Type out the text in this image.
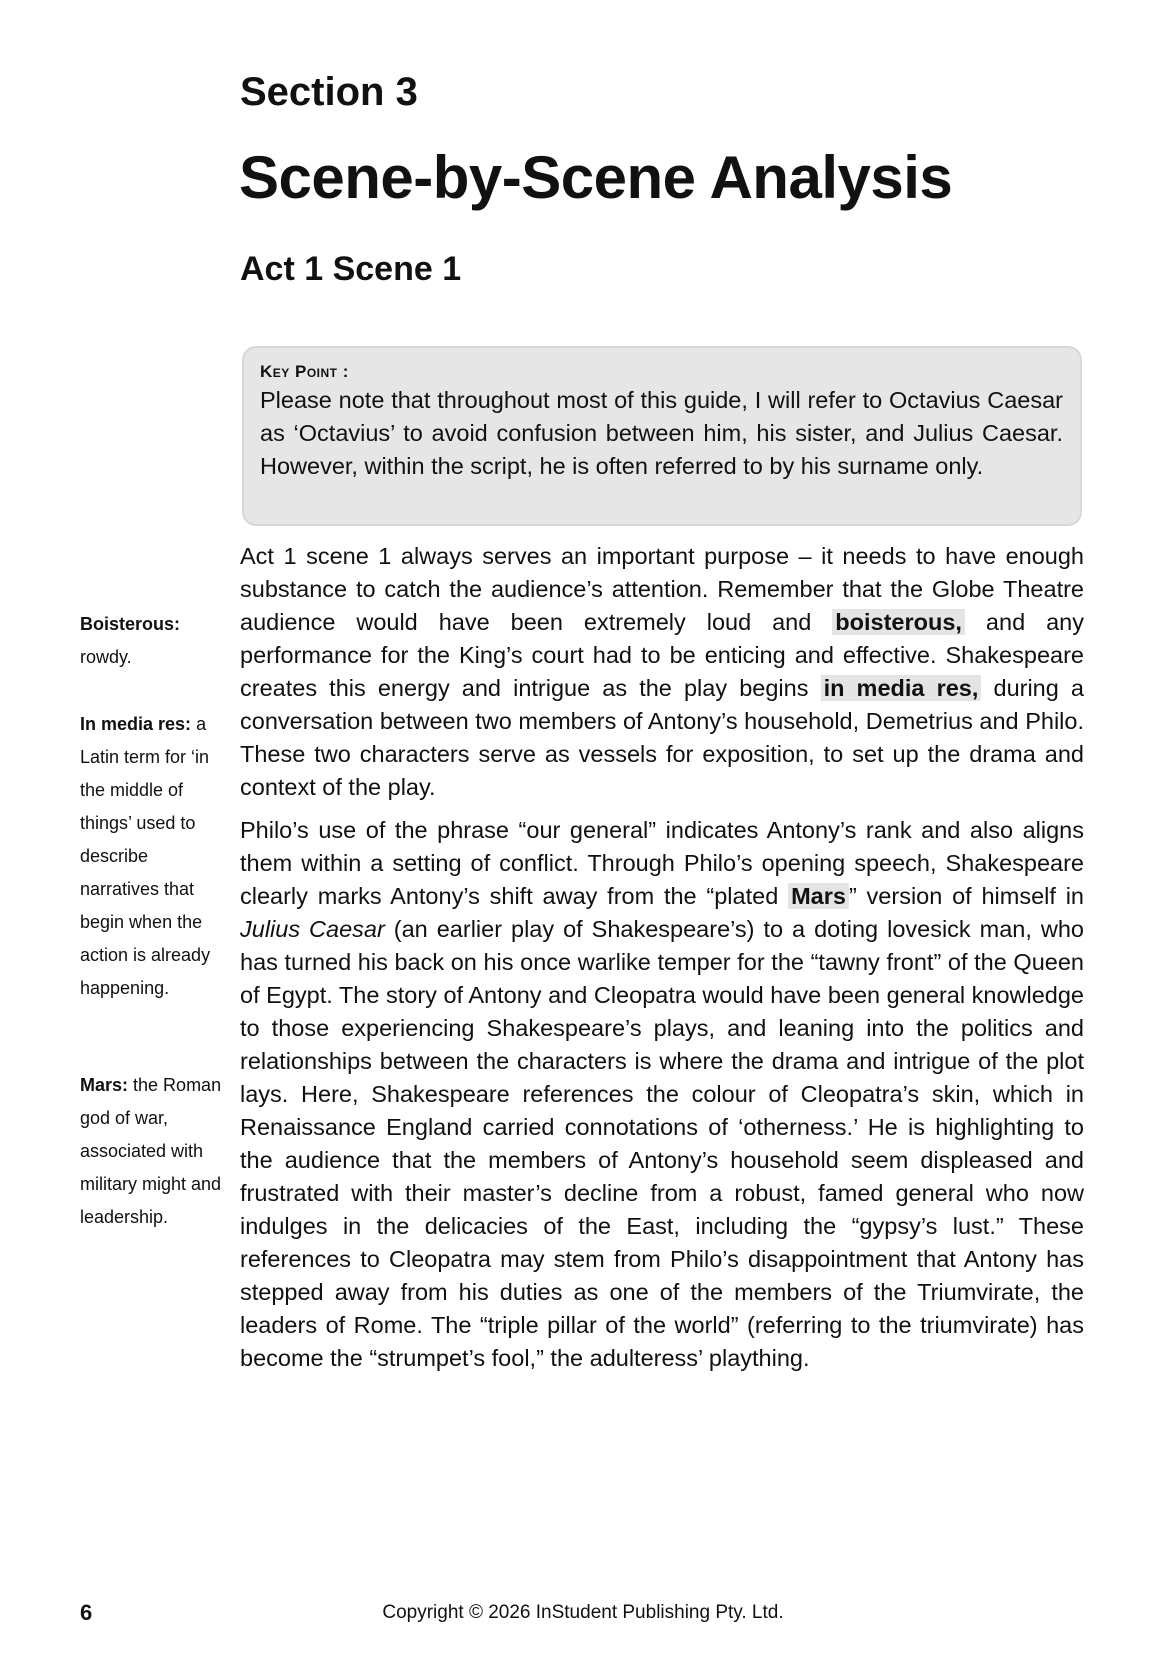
Section 3
Scene-by-Scene Analysis
Act 1 Scene 1
Key Point :

Please note that throughout most of this guide, I will refer to Octavius Caesar as ‘Octavius’ to avoid confusion between him, his sister, and Julius Caesar. However, within the script, he is often referred to by his surname only.

Boisterous:
rowdy.
In media res: a Latin term for ‘in the middle of things’ used to describe narratives that begin when the action is already happening.
Mars: the Roman god of war, associated with military might and leadership.

Act 1 scene 1 always serves an important purpose – it needs to have enough substance to catch the audience’s attention. Remember that the Globe Theatre audience would have been extremely loud and boisterous, and any performance for the King’s court had to be enticing and effective. Shakespeare creates this energy and intrigue as the play begins in media res, during a conversation between two members of Antony’s household, Demetrius and Philo. These two characters serve as vessels for exposition, to set up the drama and context of the play.

Philo’s use of the phrase “our general” indicates Antony’s rank and also aligns them within a setting of conflict. Through Philo’s opening speech, Shakespeare clearly marks Antony’s shift away from the “plated Mars ” version of himself in Julius Caesar (an earlier play of Shakespeare’s) to a doting lovesick man, who has turned his back on his once warlike temper for the “tawny front” of the Queen of Egypt. The story of Antony and Cleopatra would have been general knowledge to those experiencing Shakespeare’s plays, and leaning into the politics and relationships between the characters is where the drama and intrigue of the plot lays. Here, Shakespeare references the colour of Cleopatra’s skin, which in Renaissance England carried connotations of ‘otherness.’ He is highlighting to the audience that the members of Antony’s household seem displeased and frustrated with their master’s decline from a robust, famed general who now indulges in the delicacies of the East, including the “gypsy’s lust.” These references to Cleopatra may stem from Philo’s disappointment that Antony has stepped away from his duties as one of the members of the Triumvirate, the leaders of Rome. The “triple pillar of the world” (referring to the triumvirate) has become the “strumpet’s fool,” the adulteress’ plaything.

6	Copyright © 2026 InStudent Publishing Pty. Ltd.
